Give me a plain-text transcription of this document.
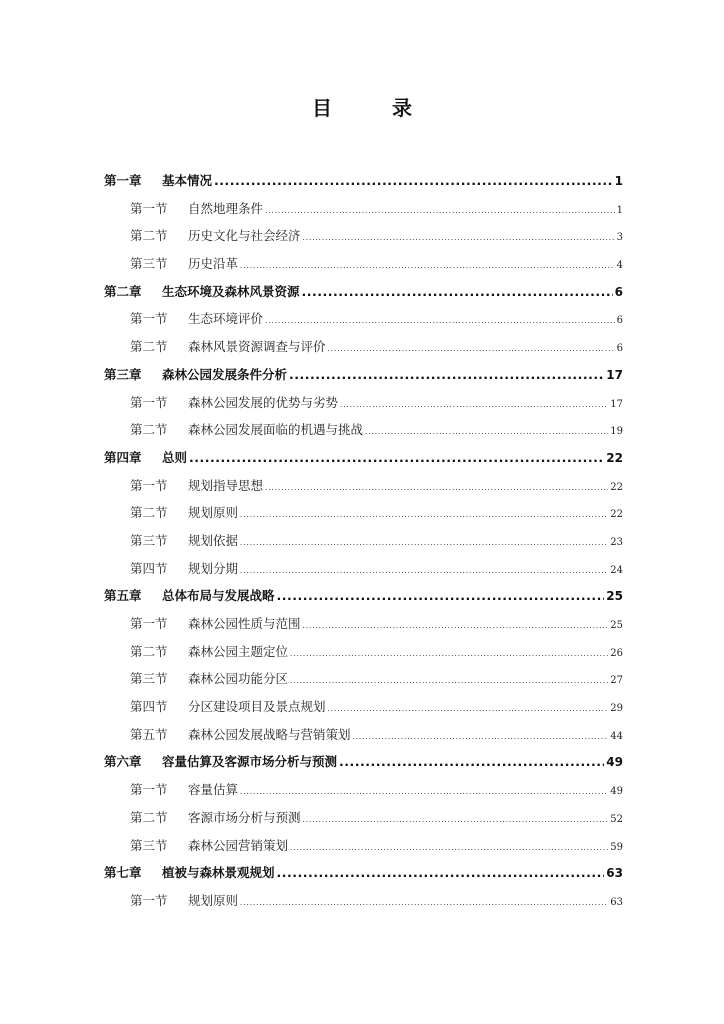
目　录
第一章	基本情况 .....	1
第一节	自然地理条件 .....	1
第二节	历史文化与社会经济 .....	3
第三节	历史沿革 .....	4
第二章	生态环境及森林风景资源 .....	6
第一节	生态环境评价 .....	6
第二节	森林风景资源调查与评价 .....	6
第三章	森林公园发展条件分析 .....	17
第一节	森林公园发展的优势与劣势 .....	17
第二节	森林公园发展面临的机遇与挑战 .....	19
第四章	总则 .....	22
第一节	规划指导思想 .....	22
第二节	规划原则 .....	22
第三节	规划依据 .....	23
第四节	规划分期 .....	24
第五章	总体布局与发展战略 .....	25
第一节	森林公园性质与范围 .....	25
第二节	森林公园主题定位 .....	26
第三节	森林公园功能分区 .....	27
第四节	分区建设项目及景点规划 .....	29
第五节	森林公园发展战略与营销策划 .....	44
第六章	容量估算及客源市场分析与预测 .....	49
第一节	容量估算 .....	49
第二节	客源市场分析与预测 .....	52
第三节	森林公园营销策划 .....	59
第七章	植被与森林景观规划 .....	63
第一节	规划原则 .....	63
